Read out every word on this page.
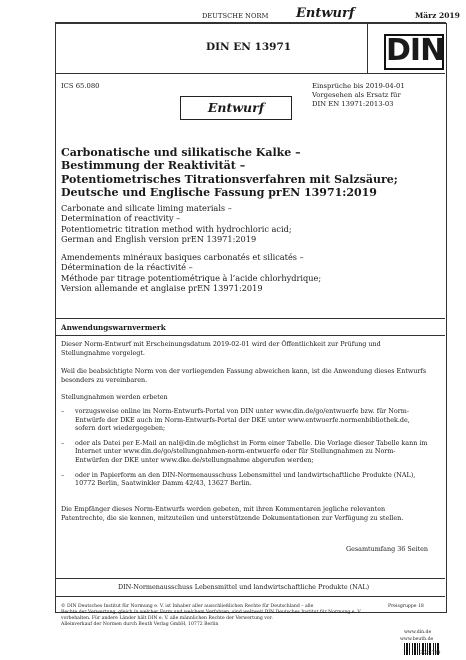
DEUTSCHE NORM Entwurf	März 2019
DIN EN 13971	DIN
ICS 65.080	Einsprüche bis 2019-04-01
Vorgesehen als Ersatz für
DIN EN 13971:2013-03
Entwurf
Carbonatische und silikatische Kalke –
Bestimmung der Reaktivität –
Potentiometrisches Titrationsverfahren mit Salzsäure;
Deutsche und Englische Fassung prEN 13971:2019
Carbonate and silicate liming materials –
Determination of reactivity –
Potentiometric titration method with hydrochloric acid;
German and English version prEN 13971:2019
Amendements minéraux basiques carbonatés et silicatés –
Détermination de la réactivité –
Méthode par titrage potentiométrique à l’acide chlorhydrique;
Version allemande et anglaise prEN 13971:2019
Anwendungswarnvermerk
Dieser Norm-Entwurf mit Erscheinungsdatum 2019-02-01 wird der Öffentlichkeit zur Prüfung und
Stellungnahme vorgelegt.
Weil die beabsichtigte Norm von der vorliegenden Fassung abweichen kann, ist die Anwendung dieses Entwurfs
besonders zu vereinbaren.
Stellungnahmen werden erbeten
–	vorzugsweise online im Norm-Entwurfs-Portal von DIN unter www.din.de/go/entwuerfe bzw. für Norm-
Entwürfe der DKE auch im Norm-Entwurfs-Portal der DKE unter www.entwuerfe.normenbibliothek.de,
sofern dort wiedergegeben;
–	oder als Datei per E-Mail an nal@din.de möglichst in Form einer Tabelle. Die Vorlage dieser Tabelle kann im
Internet unter www.din.de/go/stellungnahmen-norm-entwuerfe oder für Stellungnahmen zu Norm-
Entwürfen der DKE unter www.dke.de/stellungnahme abgerufen werden;
–	oder in Papierform an den DIN-Normenausschuss Lebensmittel und landwirtschaftliche Produkte (NAL),
10772 Berlin, Saatwinkler Damm 42/43, 13627 Berlin.
Die Empfänger dieses Norm-Entwurfs werden gebeten, mit ihren Kommentaren jegliche relevanten
Patentrechte, die sie kennen, mitzuteilen und unterstützende Dokumentationen zur Verfügung zu stellen.
Gesamtumfang 36 Seiten
DIN-Normenausschuss Lebensmittel und landwirtschaftliche Produkte (NAL)
© DIN Deutsches Institut für Normung e. V. ist Inhaber aller ausschließlichen Rechte für Deutschland – alle
Rechte der Verwertung, gleich in welcher Form und welchem Verfahren, sind weltweit DIN Deutsches Institut für Normung e. V.
vorbehalten. Für andere Länder hält DIN e. V. alle männlichen Rechte der Verwertung vor.
Alleinverkauf der Normen durch Beuth Verlag GmbH, 10772 Berlin
Preisgruppe 18
www.din.de
www.beuth.de
3022729
